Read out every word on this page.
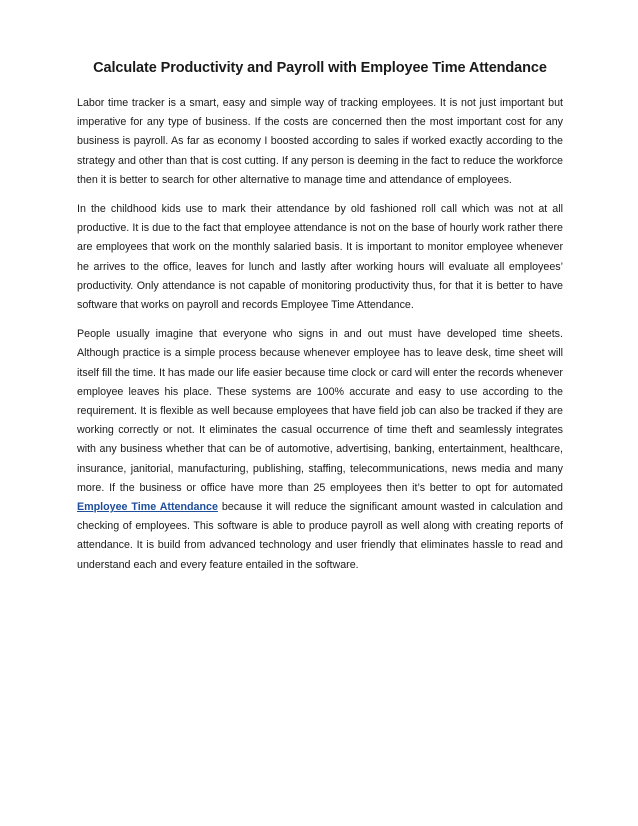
Calculate Productivity and Payroll with Employee Time Attendance

Labor time tracker is a smart, easy and simple way of tracking employees. It is not just important but imperative for any type of business. If the costs are concerned then the most important cost for any business is payroll. As far as economy I boosted according to sales if worked exactly according to the strategy and other than that is cost cutting. If any person is deeming in the fact to reduce the workforce then it is better to search for other alternative to manage time and attendance of employees.

In the childhood kids use to mark their attendance by old fashioned roll call which was not at all productive. It is due to the fact that employee attendance is not on the base of hourly work rather there are employees that work on the monthly salaried basis. It is important to monitor employee whenever he arrives to the office, leaves for lunch and lastly after working hours will evaluate all employees’ productivity. Only attendance is not capable of monitoring productivity thus, for that it is better to have software that works on payroll and records Employee Time Attendance.

People usually imagine that everyone who signs in and out must have developed time sheets. Although practice is a simple process because whenever employee has to leave desk, time sheet will itself fill the time. It has made our life easier because time clock or card will enter the records whenever employee leaves his place. These systems are 100% accurate and easy to use according to the requirement. It is flexible as well because employees that have field job can also be tracked if they are working correctly or not. It eliminates the casual occurrence of time theft and seamlessly integrates with any business whether that can be of automotive, advertising, banking, entertainment, healthcare, insurance, janitorial, manufacturing, publishing, staffing, telecommunications, news media and many more. If the business or office have more than 25 employees then it’s better to opt for automated Employee Time Attendance because it will reduce the significant amount wasted in calculation and checking of employees. This software is able to produce payroll as well along with creating reports of attendance. It is build from advanced technology and user friendly that eliminates hassle to read and understand each and every feature entailed in the software.
